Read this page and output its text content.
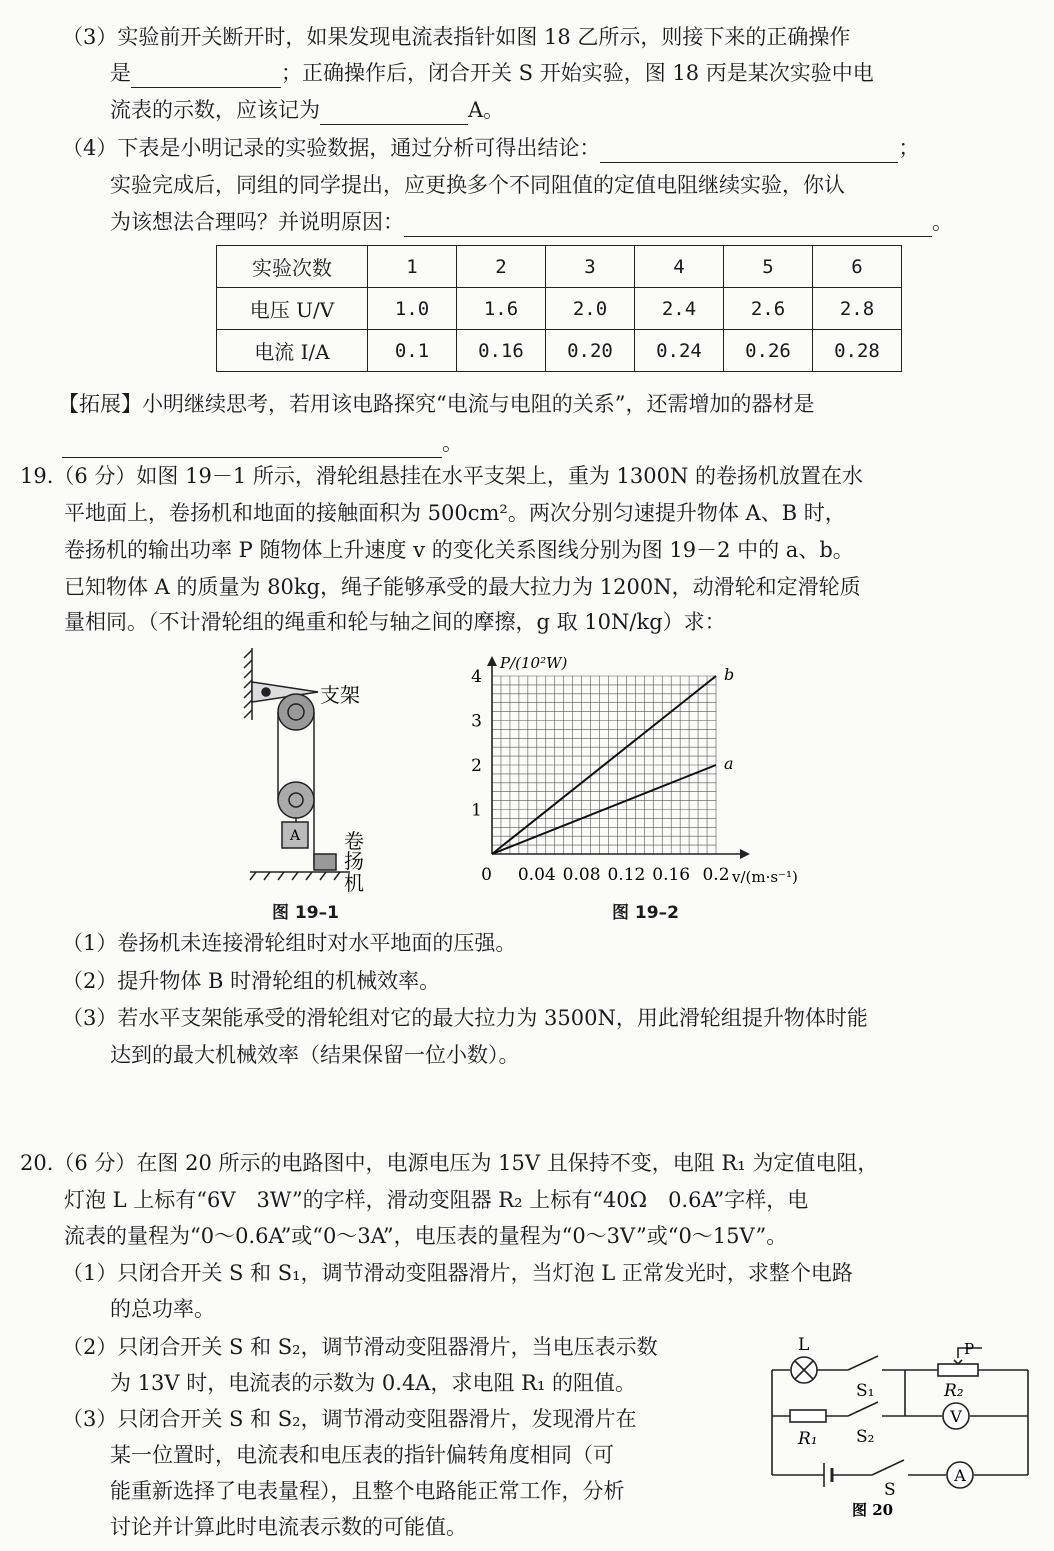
（3）实验前开关断开时，如果发现电流表指针如图 18 乙所示，则接下来的正确操作
是	；正确操作后，闭合开关 S 开始实验，图 18 丙是某次实验中电
流表的示数，应该记为	A。
（4）下表是小明记录的实验数据，通过分析可得出结论：	；
实验完成后，同组的同学提出，应更换多个不同阻值的定值电阻继续实验，你认
为该想法合理吗？并说明原因：	。
实验次数	1	2	3	4	5	6
电压 U/V	1.0	1.6	2.0	2.4	2.6	2.8
电流 I/A	0.1	0.16	0.20	0.24	0.26	0.28
【拓展】小明继续思考，若用该电路探究“电流与电阻的关系”，还需增加的器材是
。
19.（6 分）如图 19－1 所示，滑轮组悬挂在水平支架上，重为 1300N 的卷扬机放置在水
平地面上，卷扬机和地面的接触面积为 500cm²。两次分别匀速提升物体 A、B 时，
卷扬机的输出功率 P 随物体上升速度 v 的变化关系图线分别为图 19－2 中的 a、b。
已知物体 A 的质量为 80kg，绳子能够承受的最大拉力为 1200N，动滑轮和定滑轮质
量相同。（不计滑轮组的绳重和轮与轴之间的摩擦，g 取 10N/kg）求：
A
支架
卷
扬
机
图 19–1
P/(10²W)
v/(m·s⁻¹)
0 0.04 0.08 0.12 0.16 0.2
1
2
3
4
a
b
图 19–2
（1）卷扬机未连接滑轮组时对水平地面的压强。
（2）提升物体 B 时滑轮组的机械效率。
（3）若水平支架能承受的滑轮组对它的最大拉力为 3500N，用此滑轮组提升物体时能
达到的最大机械效率（结果保留一位小数）。
20.（6 分）在图 20 所示的电路图中，电源电压为 15V 且保持不变，电阻 R₁ 为定值电阻，
灯泡 L 上标有“6V　3W”的字样，滑动变阻器 R₂ 上标有“40Ω　0.6A”字样，电
流表的量程为“0～0.6A”或“0～3A”，电压表的量程为“0～3V”或“0～15V”。
（1）只闭合开关 S 和 S₁，调节滑动变阻器滑片，当灯泡 L 正常发光时，求整个电路
的总功率。
（2）只闭合开关 S 和 S₂，调节滑动变阻器滑片，当电压表示数
为 13V 时，电流表的示数为 0.4A，求电阻 R₁ 的阻值。
（3）只闭合开关 S 和 S₂，调节滑动变阻器滑片，发现滑片在
某一位置时，电流表和电压表的指针偏转角度相同（可
能重新选择了电表量程），且整个电路能正常工作，分析
讨论并计算此时电流表示数的可能值。
L
S₁
S₂
R₁
R₂
P
V
A
S
图 20
